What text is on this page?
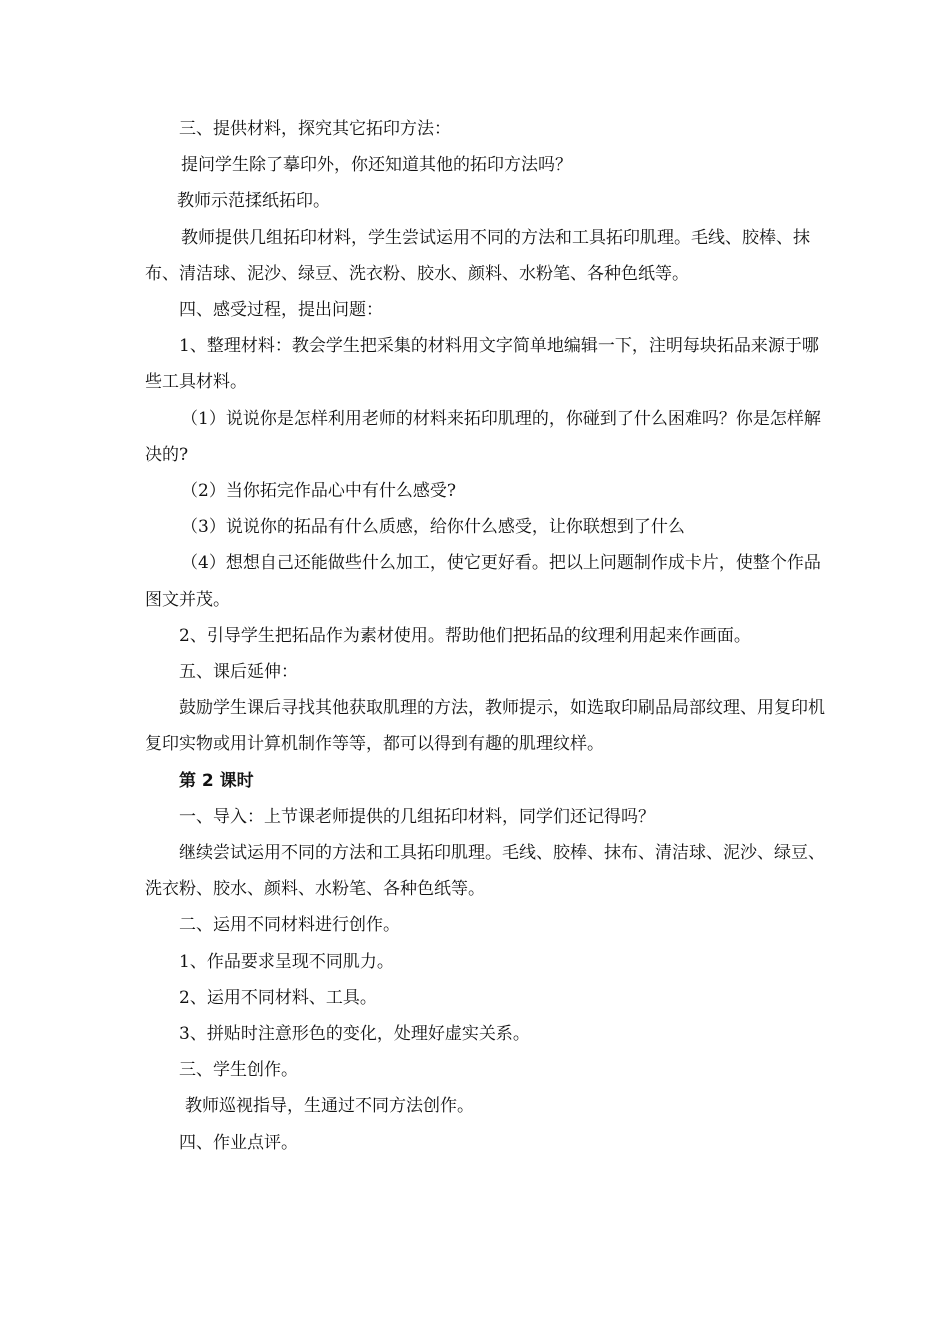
三、提供材料，探究其它拓印方法：

提问学生除了摹印外，你还知道其他的拓印方法吗？

教师示范揉纸拓印。

教师提供几组拓印材料，学生尝试运用不同的方法和工具拓印肌理。毛线、胶棒、抹布、清洁球、泥沙、绿豆、洗衣粉、胶水、颜料、水粉笔、各种色纸等。

四、感受过程，提出问题：

1、整理材料：教会学生把采集的材料用文字简单地编辑一下，注明每块拓品来源于哪些工具材料。

（1）说说你是怎样利用老师的材料来拓印肌理的，你碰到了什么困难吗？你是怎样解决的?

（2）当你拓完作品心中有什么感受?

（3）说说你的拓品有什么质感，给你什么感受，让你联想到了什么

（4）想想自己还能做些什么加工，使它更好看。把以上问题制作成卡片，使整个作品图文并茂。

2、引导学生把拓品作为素材使用。帮助他们把拓品的纹理利用起来作画面。

五、课后延伸：

鼓励学生课后寻找其他获取肌理的方法，教师提示，如选取印刷品局部纹理、用复印机复印实物或用计算机制作等等，都可以得到有趣的肌理纹样。

第 2 课时

一、导入：上节课老师提供的几组拓印材料，同学们还记得吗？

继续尝试运用不同的方法和工具拓印肌理。毛线、胶棒、抹布、清洁球、泥沙、绿豆、洗衣粉、胶水、颜料、水粉笔、各种色纸等。

二、运用不同材料进行创作。

1、作品要求呈现不同肌力。

2、运用不同材料、工具。

3、拼贴时注意形色的变化，处理好虚实关系。

三、学生创作。

教师巡视指导，生通过不同方法创作。

四、作业点评。
